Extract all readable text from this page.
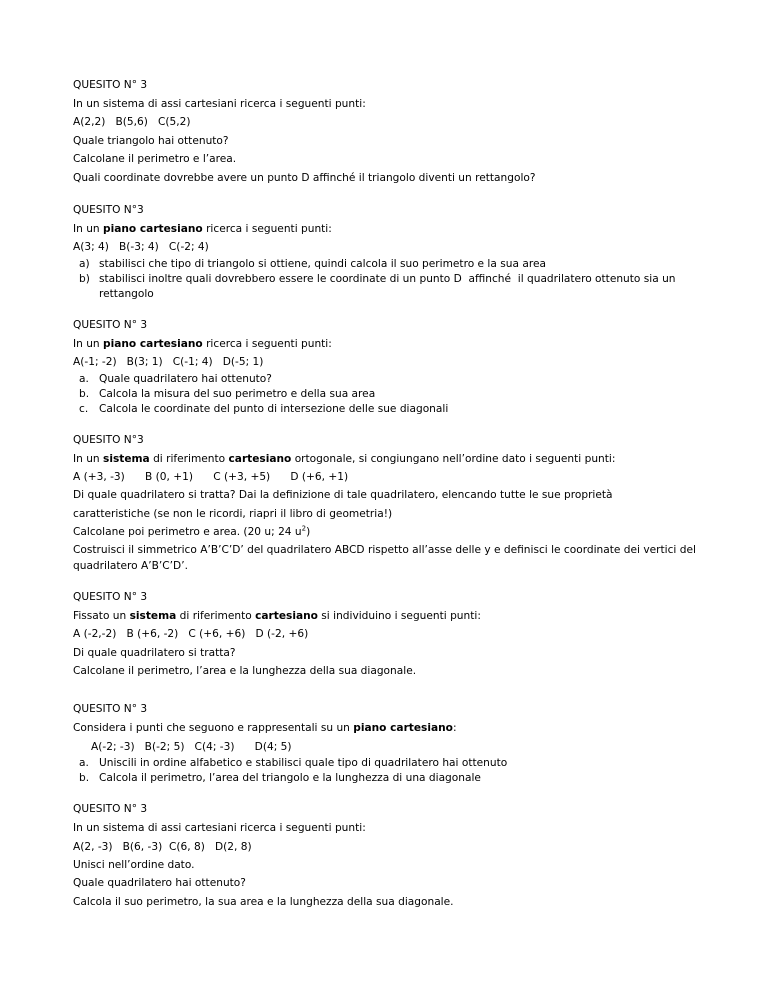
QUESITO N° 3
In un sistema di assi cartesiani ricerca i seguenti punti:
A(2,2)   B(5,6)   C(5,2)
Quale triangolo hai ottenuto?
Calcolane il perimetro e l’area.
Quali coordinate dovrebbe avere un punto D affinché il triangolo diventi un rettangolo?
QUESITO N°3
In un piano cartesiano ricerca i seguenti punti:
A(3; 4)   B(-3; 4)   C(-2; 4)
a) stabilisci che tipo di triangolo si ottiene, quindi calcola il suo perimetro e la sua area
b) stabilisci inoltre quali dovrebbero essere le coordinate di un punto D  affinché  il quadrilatero ottenuto sia un rettangolo
QUESITO N° 3
In un piano cartesiano ricerca i seguenti punti:
A(-1; -2)   B(3; 1)   C(-1; 4)   D(-5; 1)
a. Quale quadrilatero hai ottenuto?
b. Calcola la misura del suo perimetro e della sua area
c.	Calcola le coordinate del punto di intersezione delle sue diagonali
QUESITO N°3
In un sistema di riferimento cartesiano ortogonale, si congiungano nell’ordine dato i seguenti punti:
A (+3, -3)      B (0, +1)      C (+3, +5)      D (+6, +1)
Di quale quadrilatero si tratta? Dai la definizione di tale quadrilatero, elencando tutte le sue proprietà
caratteristiche (se non le ricordi, riapri il libro di geometria!)
Calcolane poi perimetro e area. (20 u; 24 $u^2$)
Costruisci il simmetrico A’B’C’D’ del quadrilatero ABCD rispetto all’asse delle y e definisci le coordinate dei vertici del quadrilatero A’B’C’D’.
QUESITO N° 3
Fissato un sistema di riferimento cartesiano si individuino i seguenti punti:
A (-2,-2)   B (+6, -2)   C (+6, +6)   D (-2, +6)
Di quale quadrilatero si tratta?
Calcolane il perimetro, l’area e la lunghezza della sua diagonale.
QUESITO N° 3
Considera i punti che seguono e rappresentali su un piano cartesiano:
A(-2; -3)   B(-2; 5)   C(4; -3)      D(4; 5)
a. Uniscili in ordine alfabetico e stabilisci quale tipo di quadrilatero hai ottenuto
b. Calcola il perimetro, l’area del triangolo e la lunghezza di una diagonale
QUESITO N° 3
In un sistema di assi cartesiani ricerca i seguenti punti:
A(2, -3)   B(6, -3)  C(6, 8)   D(2, 8)
Unisci nell’ordine dato.
Quale quadrilatero hai ottenuto?
Calcola il suo perimetro, la sua area e la lunghezza della sua diagonale.
